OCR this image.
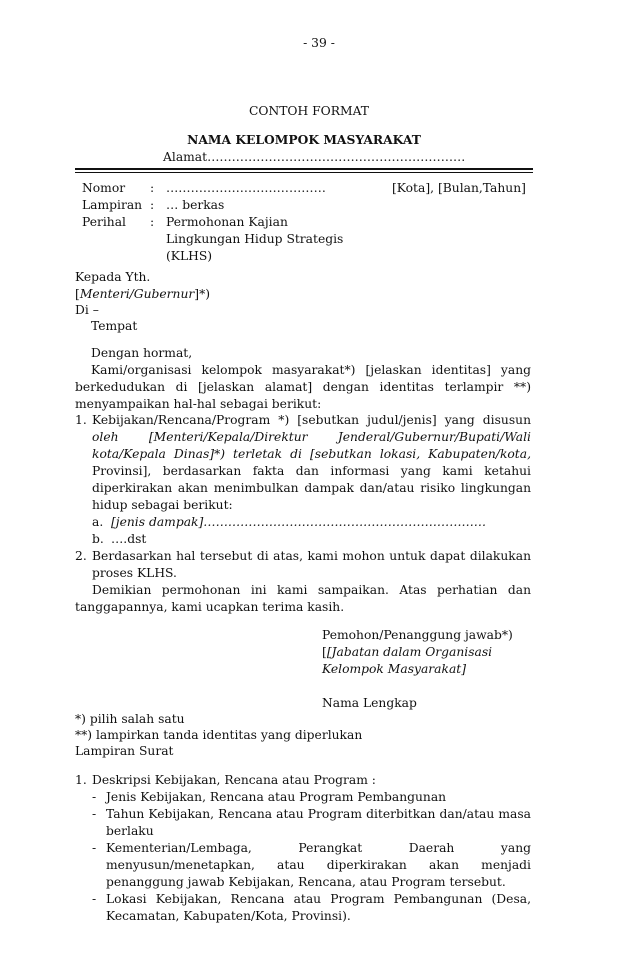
- 39 -
CONTOH FORMAT
NAMA KELOMPOK MASYARAKAT
Alamat………………………………………………………
Nomor : …………………………………	[Kota], [Bulan,Tahun]
Lampiran : … berkas
Perihal : Permohonan Kajian
Lingkungan Hidup Strategis
(KLHS)
Kepada Yth.
[Menteri/Gubernur]*)
Di –
Tempat
Dengan hormat,
Kami/organisasi kelompok masyarakat*) [jelaskan identitas] yang
berkedudukan di [jelaskan alamat] dengan identitas terlampir **)
menyampaikan hal-hal sebagai berikut:
1. Kebijakan/Rencana/Program *) [sebutkan judul/jenis] yang disusun
oleh [Menteri/Kepala/Direktur Jenderal/Gubernur/Bupati/Wali
kota/Kepala Dinas]*) terletak di [sebutkan lokasi, Kabupaten/kota,
Provinsi], berdasarkan fakta dan informasi yang kami ketahui
diperkirakan akan menimbulkan dampak dan/atau risiko lingkungan
hidup sebagai berikut:
a. [jenis dampak]……………………………………………………………
b. ….dst
2. Berdasarkan hal tersebut di atas, kami mohon untuk dapat dilakukan
proses KLHS.
Demikian permohonan ini kami sampaikan. Atas perhatian dan
tanggapannya, kami ucapkan terima kasih.
Pemohon/Penanggung jawab*)
[[Jabatan dalam Organisasi
Kelompok Masyarakat]
Nama Lengkap
*) pilih salah satu
**) lampirkan tanda identitas yang diperlukan
Lampiran Surat
1. Deskripsi Kebijakan, Rencana atau Program :
- Jenis Kebijakan, Rencana atau Program Pembangunan
- Tahun Kebijakan, Rencana atau Program diterbitkan dan/atau masa
berlaku
- Kementerian/Lembaga, Perangkat Daerah yang
menyusun/menetapkan, atau diperkirakan akan menjadi
penanggung jawab Kebijakan, Rencana, atau Program tersebut.
- Lokasi Kebijakan, Rencana atau Program Pembangunan (Desa,
Kecamatan, Kabupaten/Kota, Provinsi).
